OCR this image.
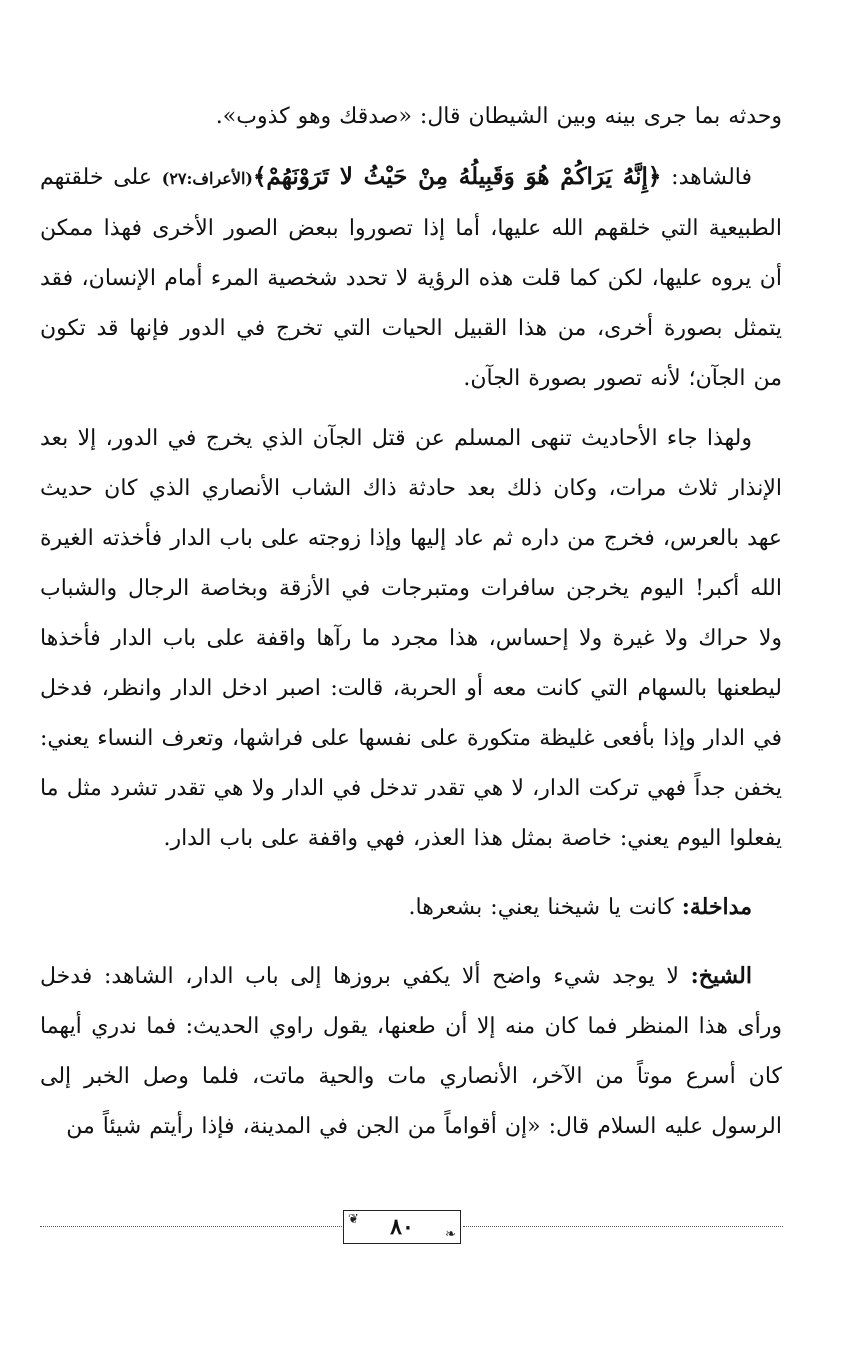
وحدثه بما جرى بينه وبين الشيطان قال: «صدقك وهو كذوب».

فالشاهد: ﴿إِنَّهُ يَرَاكُمْ هُوَ وَقَبِيلُهُ مِنْ حَيْثُ لا تَرَوْنَهُمْ﴾(الأعراف:٢٧) على خلقتهم الطبيعية التي خلقهم الله عليها، أما إذا تصوروا ببعض الصور الأخرى فهذا ممكن أن يروه عليها، لكن كما قلت هذه الرؤية لا تحدد شخصية المرء أمام الإنسان، فقد يتمثل بصورة أخرى، من هذا القبيل الحيات التي تخرج في الدور فإنها قد تكون من الجآن؛ لأنه تصور بصورة الجآن.

ولهذا جاء الأحاديث تنهى المسلم عن قتل الجآن الذي يخرج في الدور، إلا بعد الإنذار ثلاث مرات، وكان ذلك بعد حادثة ذاك الشاب الأنصاري الذي كان حديث عهد بالعرس، فخرج من داره ثم عاد إليها وإذا زوجته على باب الدار فأخذته الغيرة الله أكبر! اليوم يخرجن سافرات ومتبرجات في الأزقة وبخاصة الرجال والشباب ولا حراك ولا غيرة ولا إحساس، هذا مجرد ما رآها واقفة على باب الدار فأخذها ليطعنها بالسهام التي كانت معه أو الحربة، قالت: اصبر ادخل الدار وانظر، فدخل في الدار وإذا بأفعى غليظة متكورة على نفسها على فراشها، وتعرف النساء يعني: يخفن جداً فهي تركت الدار، لا هي تقدر تدخل في الدار ولا هي تقدر تشرد مثل ما يفعلوا اليوم يعني: خاصة بمثل هذا العذر، فهي واقفة على باب الدار.

مداخلة: كانت يا شيخنا يعني: بشعرها.

الشيخ: لا يوجد شيء واضح ألا يكفي بروزها إلى باب الدار، الشاهد: فدخل ورأى هذا المنظر فما كان منه إلا أن طعنها، يقول راوي الحديث: فما ندري أيهما كان أسرع موتاً من الآخر، الأنصاري مات والحية ماتت، فلما وصل الخبر إلى الرسول عليه السلام قال: «إن أقواماً من الجن في المدينة، فإذا رأيتم شيئاً من

❦ ٨٠ ❧
